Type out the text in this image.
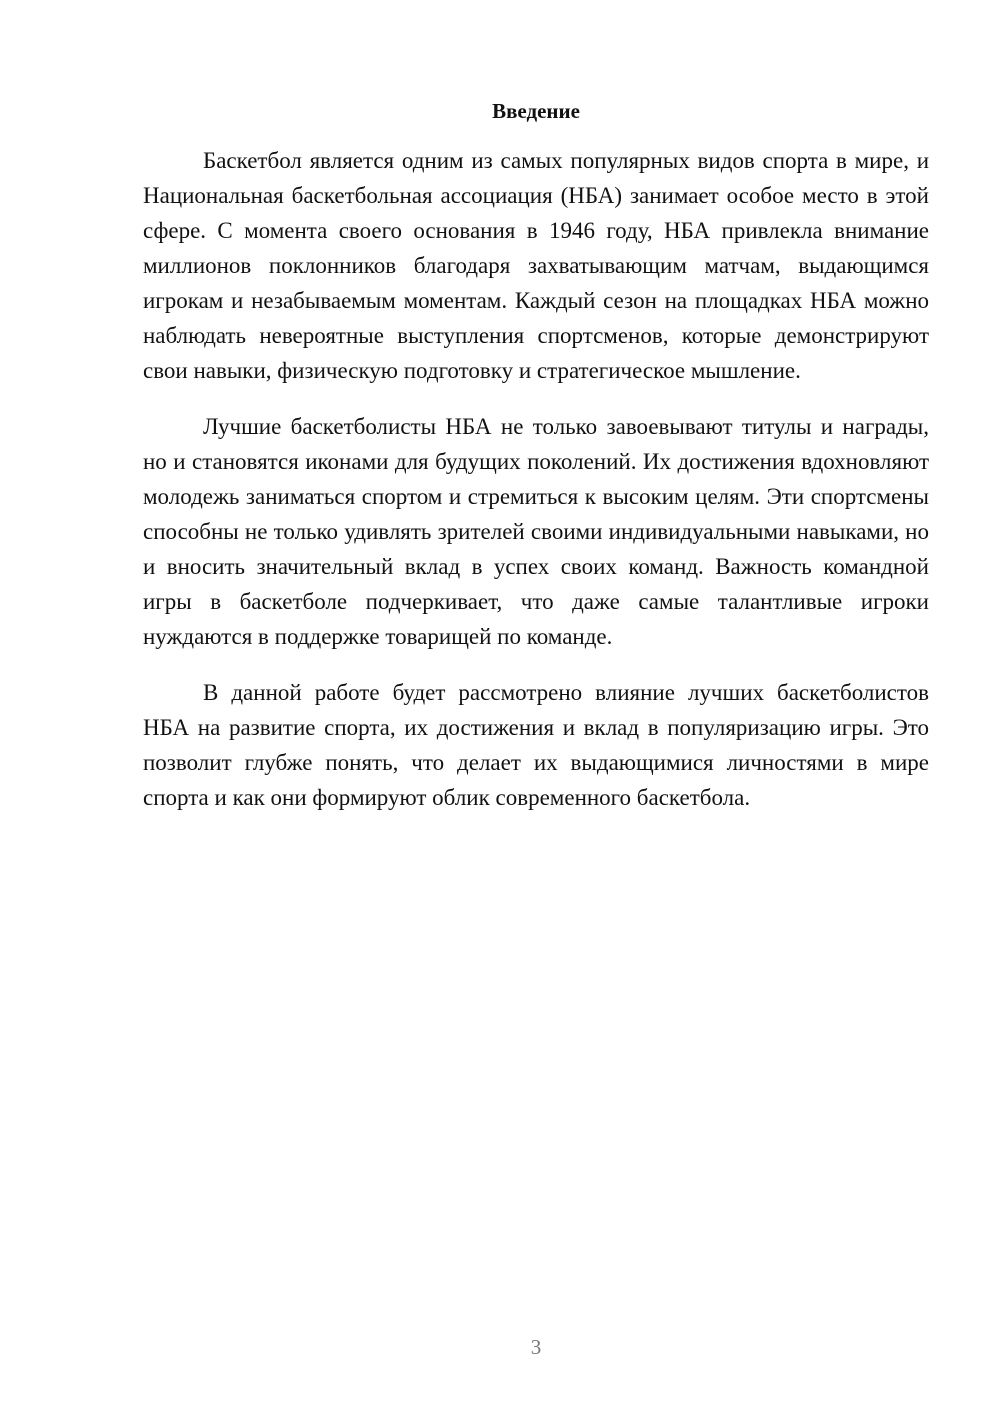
Введение

Баскетбол является одним из самых популярных видов спорта в мире, и Национальная баскетбольная ассоциация (НБА) занимает особое место в этой сфере. С момента своего основания в 1946 году, НБА привлекла внимание миллионов поклонников благодаря захватывающим матчам, выдающимся игрокам и незабываемым моментам. Каждый сезон на площадках НБА можно наблюдать невероятные выступления спортсменов, которые демонстрируют свои навыки, физическую подготовку и стратегическое мышление.

Лучшие баскетболисты НБА не только завоевывают титулы и награды, но и становятся иконами для будущих поколений. Их достижения вдохновляют молодежь заниматься спортом и стремиться к высоким целям. Эти спортсмены способны не только удивлять зрителей своими индивидуальными навыками, но и вносить значительный вклад в успех своих команд. Важность командной игры в баскетболе подчеркивает, что даже самые талантливые игроки нуждаются в поддержке товарищей по команде.

В данной работе будет рассмотрено влияние лучших баскетболистов НБА на развитие спорта, их достижения и вклад в популяризацию игры. Это позволит глубже понять, что делает их выдающимися личностями в мире спорта и как они формируют облик современного баскетбола.

3
